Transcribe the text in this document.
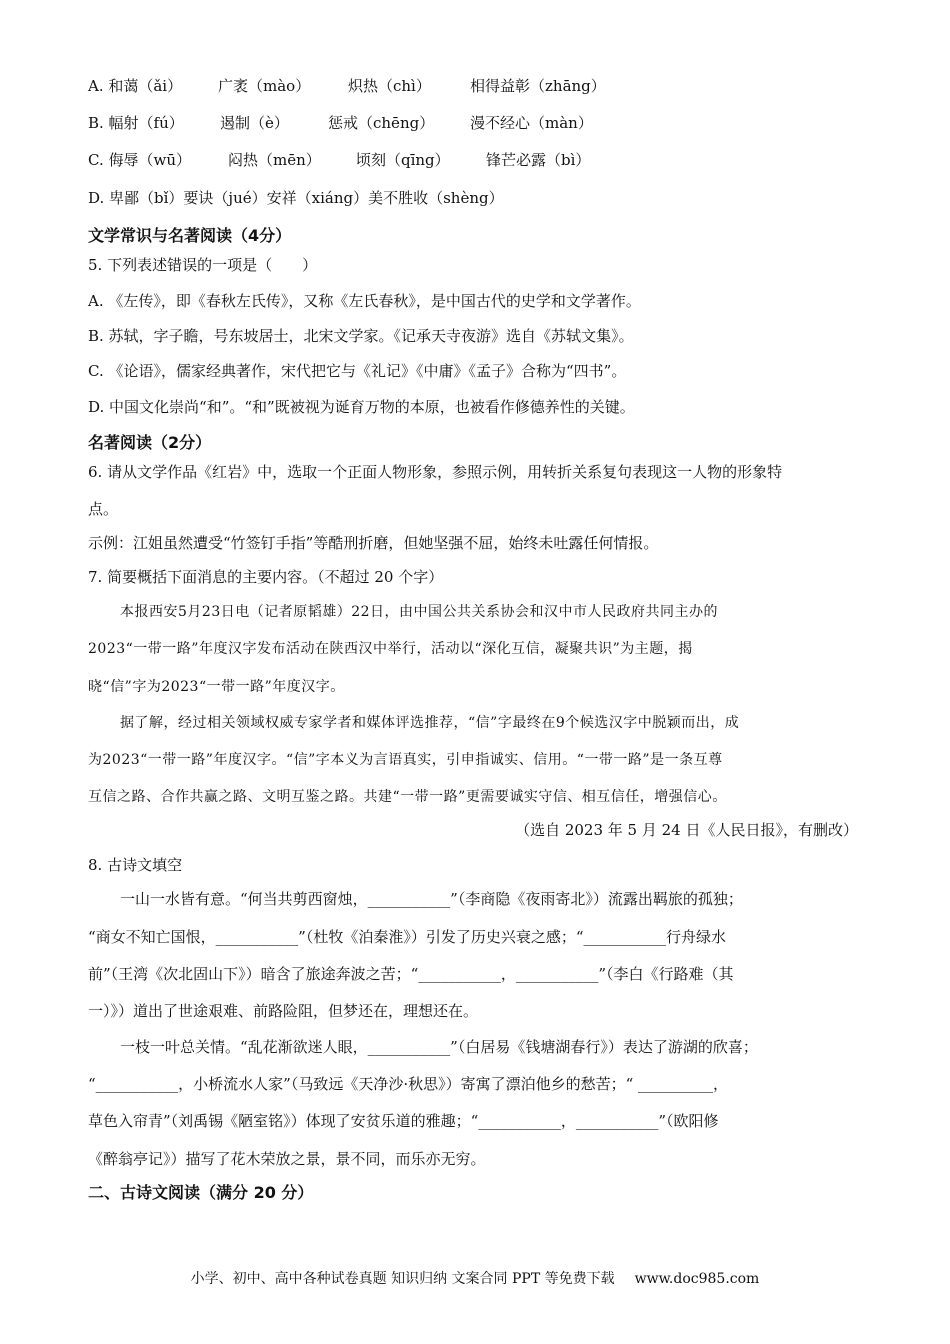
A. 和蔼（ǎi） 广袤（mào）	炽热（chì）	相得益彰（zhāng）
B. 幅射（fú） 遏制（è）	惩戒（chēng） 漫不经心（màn）
C. 侮辱（wū） 闷热（mēn） 顷刻（qīng） 锋芒必露（bì）
D. 卑鄙（bǐ）要诀（jué）安祥（xiáng）美不胜收（shèng）
文学常识与名著阅读（4分）
5. 下列表述错误的一项是（　　）
A. 《左传》，即《春秋左氏传》，又称《左氏春秋》，是中国古代的史学和文学著作。
B. 苏轼，字子瞻，号东坡居士，北宋文学家。《记承天寺夜游》选自《苏轼文集》。
C. 《论语》，儒家经典著作，宋代把它与《礼记》《中庸》《孟子》合称为“四书”。
D. 中国文化崇尚“和”。“和”既被视为诞育万物的本原，也被看作修德养性的关键。
名著阅读（2分）
6. 请从文学作品《红岩》中，选取一个正面人物形象，参照示例，用转折关系复句表现这一人物的形象特
点。
示例：江姐虽然遭受“竹签钉手指”等酷刑折磨，但她坚强不屈，始终未吐露任何情报。
7. 简要概括下面消息的主要内容。（不超过 20 个字）
本报西安5月23日电（记者原韬雄）22日，由中国公共关系协会和汉中市人民政府共同主办的
2023“一带一路”年度汉字发布活动在陕西汉中举行，活动以“深化互信，凝聚共识”为主题，揭
晓“信”字为2023“一带一路”年度汉字。
据了解，经过相关领域权威专家学者和媒体评选推荐，“信”字最终在9个候选汉字中脱颖而出，成
为2023“一带一路”年度汉字。“信”字本义为言语真实，引申指诚实、信用。“一带一路”是一条互尊
互信之路、合作共赢之路、文明互鉴之路。共建“一带一路”更需要诚实守信、相互信任，增强信心。
（选自 2023 年 5 月 24 日《人民日报》，有删改）
8. 古诗文填空
一山一水皆有意。“何当共剪西窗烛，___________”（李商隐《夜雨寄北》）流露出羁旅的孤独；
“商女不知亡国恨，___________”（杜牧《泊秦淮》）引发了历史兴衰之感；“___________行舟绿水
前”（王湾《次北固山下》）暗含了旅途奔波之苦；“___________，___________”（李白《行路难（其
一）》）道出了世途艰难、前路险阻，但梦还在，理想还在。
一枝一叶总关情。“乱花渐欲迷人眼，___________”（白居易《钱塘湖春行》）表达了游湖的欣喜；
“___________，小桥流水人家”（马致远《天净沙·秋思》）寄寓了漂泊他乡的愁苦；“ __________，
草色入帘青”（刘禹锡《陋室铭》）体现了安贫乐道的雅趣；“___________，___________”（欧阳修
《醉翁亭记》）描写了花木荣放之景，景不同，而乐亦无穷。
二、古诗文阅读（满分 20 分）
小学、初中、高中各种试卷真题 知识归纳 文案合同 PPT 等免费下载 www.doc985.com
